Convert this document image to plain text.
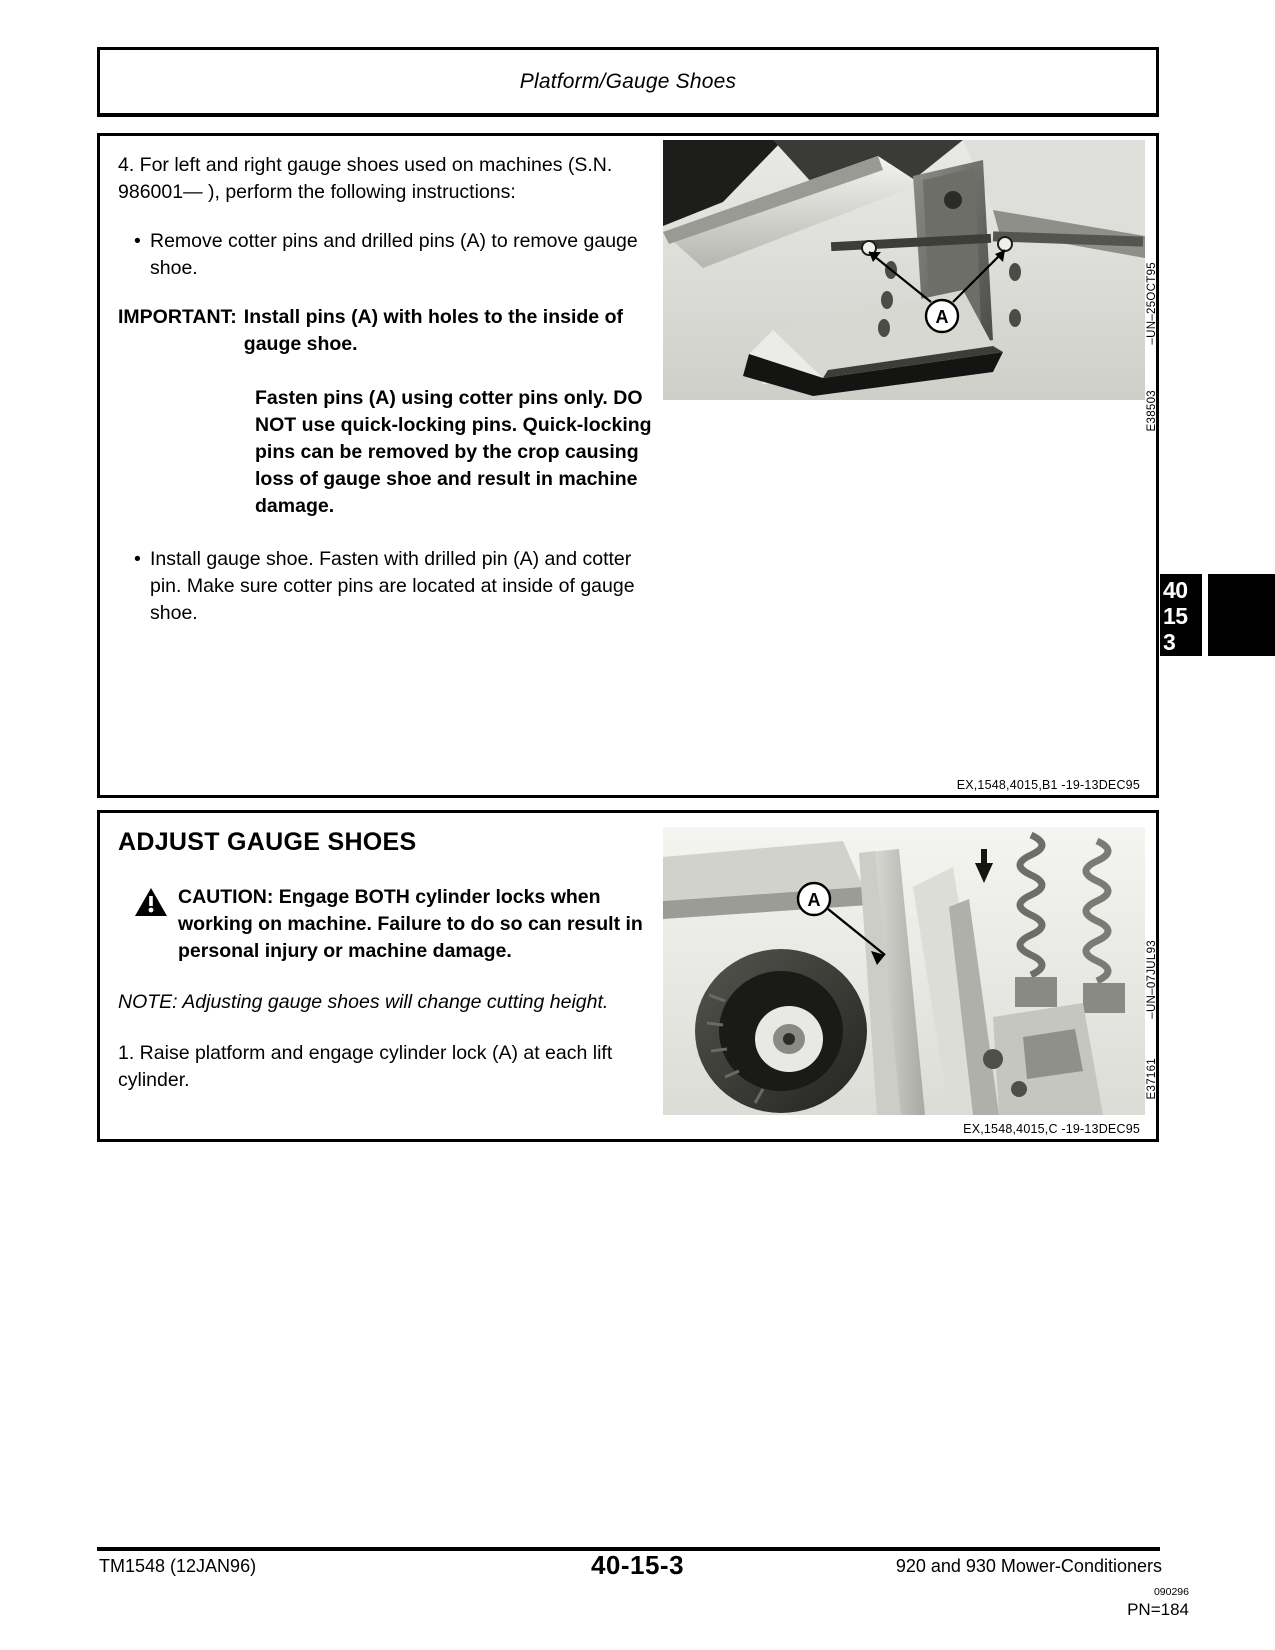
Platform/Gauge Shoes

4. For left and right gauge shoes used on machines (S.N. 986001— ), perform the following instructions:

• Remove cotter pins and drilled pins (A) to remove gauge shoe.
IMPORTANT: Install pins (A) with holes to the inside of gauge shoe.
Fasten pins (A) using cotter pins only. DO NOT use quick-locking pins. Quick-locking pins can be removed by the crop causing loss of gauge shoe and result in machine damage.
• Install gauge shoe. Fasten with drilled pin (A) and cotter pin. Make sure cotter pins are located at inside of gauge shoe.
A	–UN–25OCT95
E38503
EX,1548,4015,B1 -19-13DEC95
40
15
3
ADJUST GAUGE SHOES
CAUTION: Engage BOTH cylinder locks when working on machine. Failure to do so can result in personal injury or machine damage.
NOTE: Adjusting gauge shoes will change cutting height.

1. Raise platform and engage cylinder lock (A) at each lift cylinder.

A
–UN–07JUL93
E37161
EX,1548,4015,C -19-13DEC95
TM1548 (12JAN96)	40-15-3	920 and 930 Mower-Conditioners
090296
PN=184
